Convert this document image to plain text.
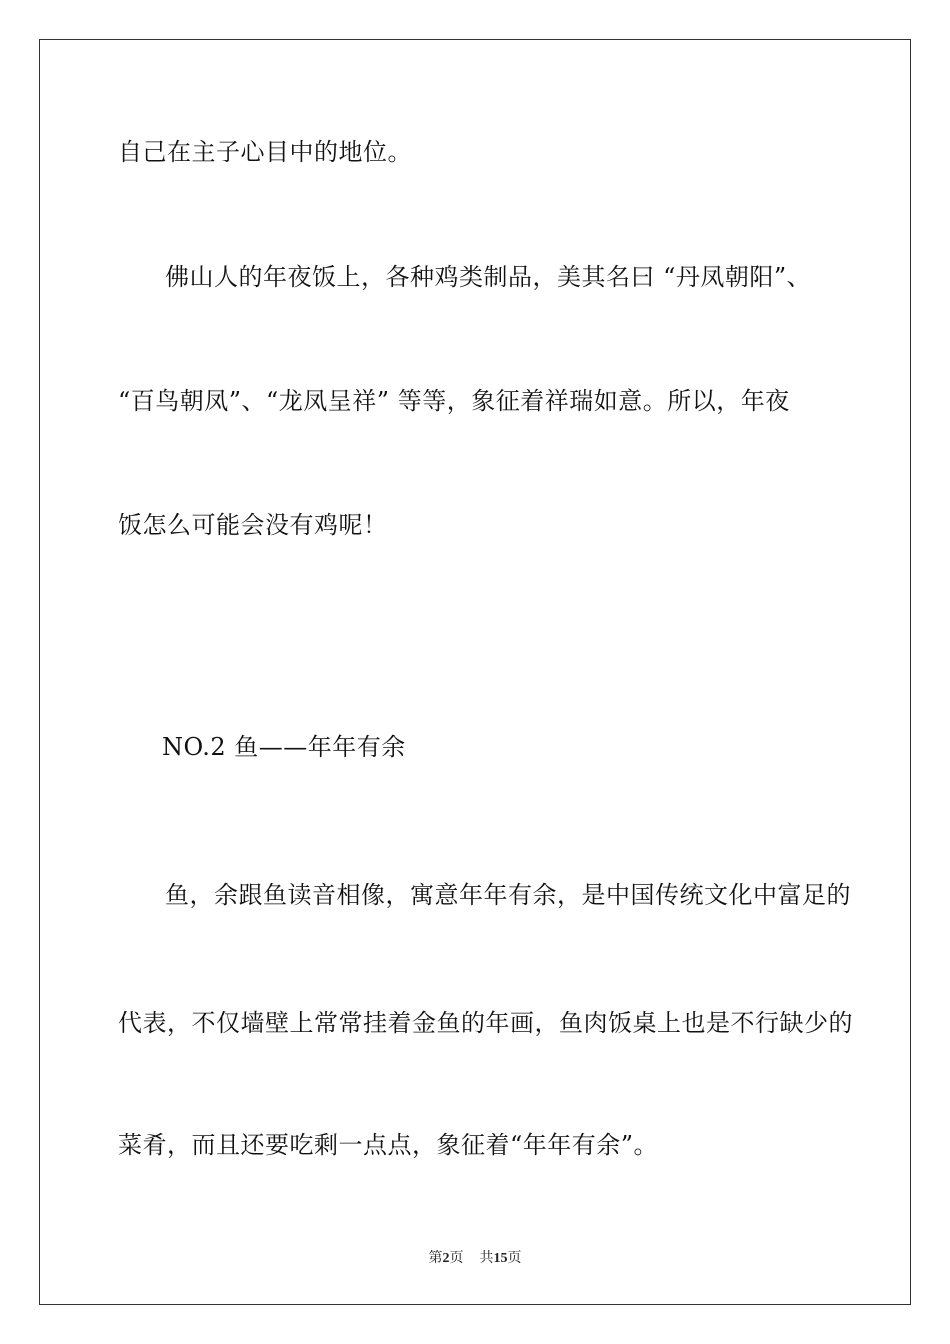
自己在主子心目中的地位。
佛山人的年夜饭上，各种鸡类制品，美其名曰 “丹凤朝阳”、
“百鸟朝凤”、“龙凤呈祥” 等等，象征着祥瑞如意。所以，年夜
饭怎么可能会没有鸡呢！
NO.2 鱼——年年有余
鱼，余跟鱼读音相像，寓意年年有余，是中国传统文化中富足的
代表，不仅墙壁上常常挂着金鱼的年画，鱼肉饭桌上也是不行缺少的
菜肴，而且还要吃剩一点点，象征着“年年有余”。
第2页 共15页
